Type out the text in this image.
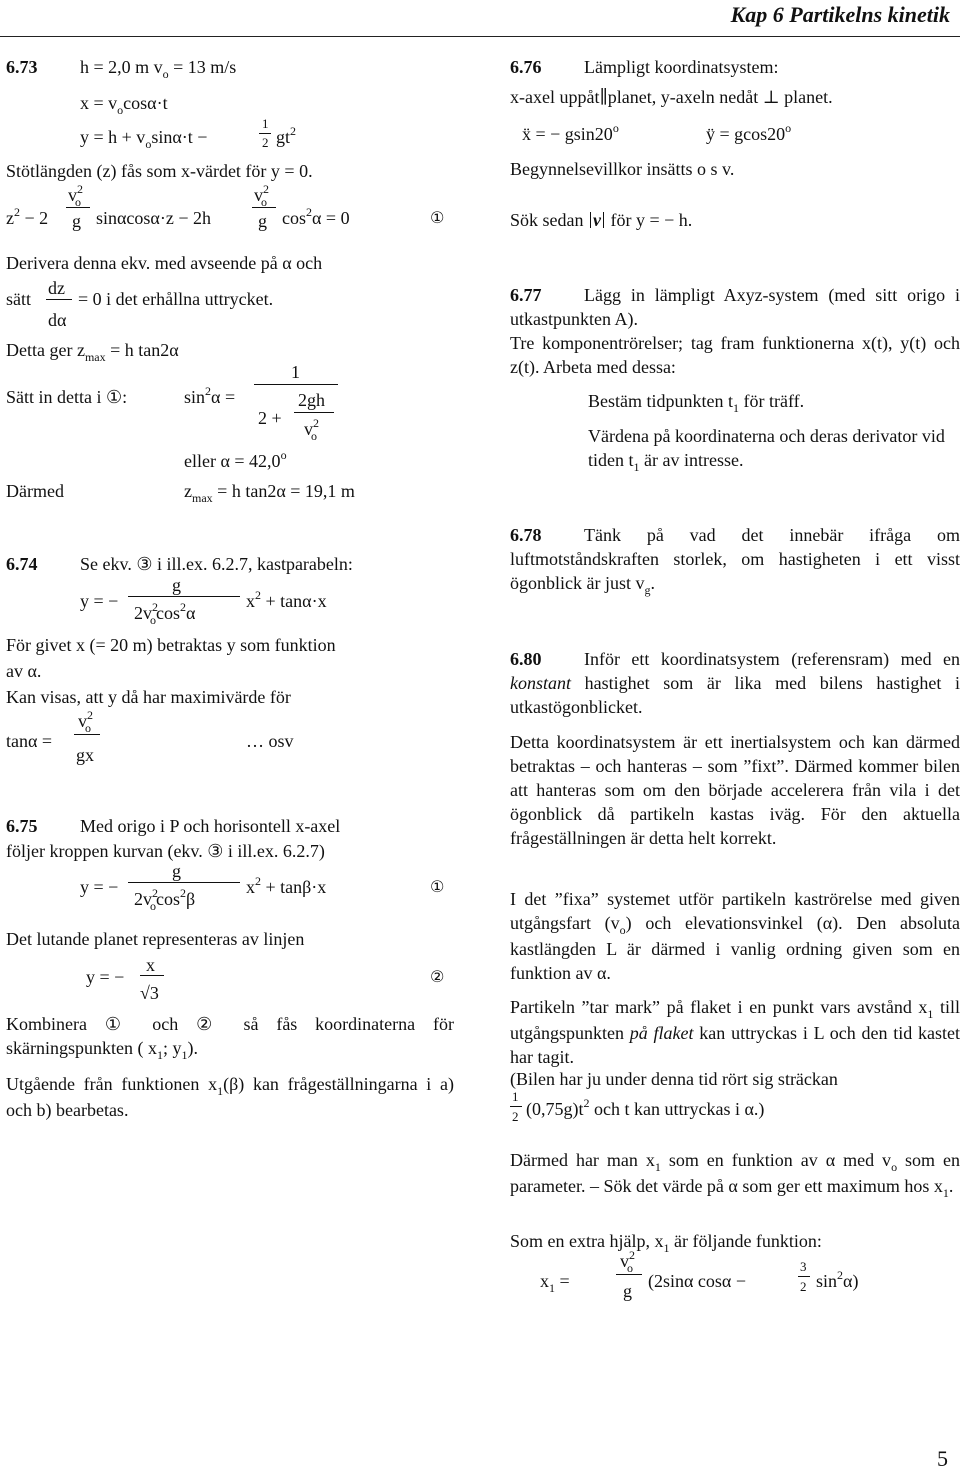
Kap 6 Partikelns kinetik
6.73 h = 2,0 m $v_o = 13$ m/s
$x = v_o\cos\alpha\cdot t$
$y = h + v_o\sin\alpha\cdot t$ −
1
2 $gt^2$
Stötlängden (z) fås som x-värdet för y = 0.
$z^2 - 2$
$v^2_o$
g sinαcosα·z − 2h
$v^2_o$
g $\cos^2\alpha = 0$	①
Derivera denna ekv. med avseende på α och
sätt
dz
dα
= 0 i det erhållna uttrycket.
Detta ger $z_{max} = h$ tan2α
Sätt in detta i ①:	$\sin^2\alpha$ =
1
2 +
2gh
$v^2_o$
eller $\alpha = 42,0^o$
Därmed	$z_{max} = h$ tan2α = 19,1 m
6.74 Se ekv. ③ i ill.ex. 6.2.7, kastparabeln:
y = −
g
$2v^2_o\cos^2\alpha$
$x^2 + \tan\alpha\cdot x$
För givet x (= 20 m) betraktas y som funktion
av α.
Kan visas, att y då har maximivärde för
tanα =
$v^2_o$
gx
… osv
6.75 Med origo i P och horisontell x-axel
följer kroppen kurvan (ekv. ③ i ill.ex. 6.2.7)
y = −
g
$2v^2_o\cos^2\beta$
$x^2 + \tan\beta\cdot x$	①
Det lutande planet representeras av linjen
y = −
x
√3
②
Kombinera ① och ② så fås koordinaterna för skärningspunkten ( $x_1$; $y_1$).
Utgående från funktionen $x_1(\beta)$ kan frågeställningarna i a) och b) bearbetas.
6.76 Lämpligt koordinatsystem:
x-axel uppåt∥planet, y-axeln nedåt ⊥ planet.
ẍ = − $gsin20^o$	ÿ = $gcos20^o$
Begynnelsevillkor insätts o s v.
Sök sedan v för y = − h.
6.77 Lägg in lämpligt Axyz-system (med sitt origo i utkastpunkten A).
Tre komponentrörelser; tag fram funktionerna x(t), y(t) och z(t). Arbeta med dessa:
Bestäm tidpunkten $t_1$ för träff.
Värdena på koordinaterna och deras derivator vid tiden $t_1$ är av intresse.
6.78 Tänk på vad det innebär ifråga om luftmotståndskraften storlek, om hastigheten i ett visst ögonblick är just $v_g$.
6.80 Inför ett koordinatsystem (referensram) med en konstant hastighet som är lika med bilens hastighet i utkastögonblicket.
Detta koordinatsystem är ett inertialsystem och kan därmed betraktas – och hanteras – som ”fixt”. Därmed kommer bilen att hanteras som om den började accelerera från vila i det ögonblick då partikeln kastas iväg. För den aktuella frågeställningen är detta helt korrekt.
I det ”fixa” systemet utför partikeln kaströrelse med given utgångsfart $(v_o)$ och elevationsvinkel (α). Den absoluta kastlängden L är därmed i vanlig ordning given som en funktion av α.
Partikeln ”tar mark” på flaket i en punkt vars avstånd $x_1$ till utgångspunkten på flaket kan uttryckas i L och den tid kastet har tagit.
(Bilen har ju under denna tid rört sig sträckan
1
2 $(0,75g)t^2$ och t kan uttryckas i α.)
Därmed har man $x_1$ som en funktion av α med $v_o$ som en parameter. – Sök det värde på α som ger ett maximum hos $x_1$.
Som en extra hjälp, $x_1$ är följande funktion:
$x_1$ =
$v^2_o$
g (2sinα cosα −
3
2 $\sin^2\alpha$)
5
